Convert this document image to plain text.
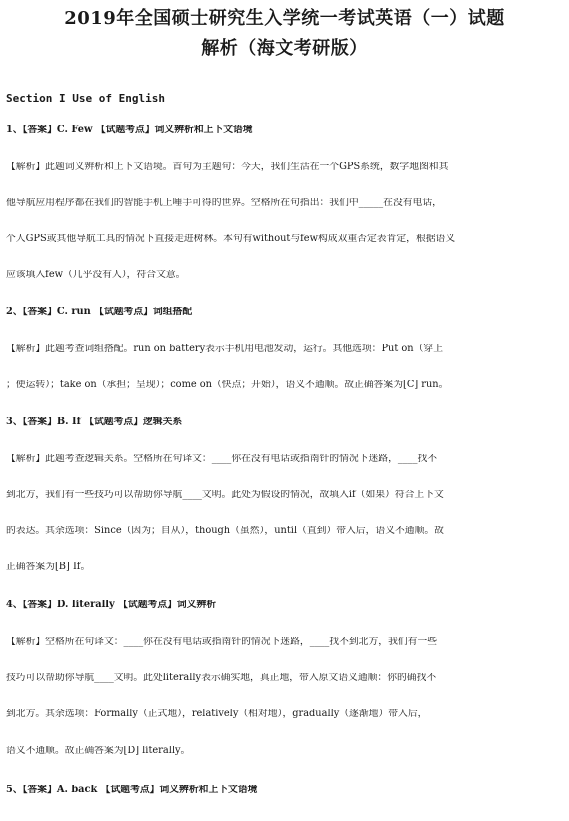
2019年全国硕士研究生入学统一考试英语（一）试题
解析（海文考研版）
Section I Use of English
1、【答案】C. Few 【试题考点】词义辨析和上下文语境
【解析】此题词义辨析和上下文语境。首句为主题句：今天，我们生活在一个GPS系统，数字地图和其
他导航应用程序都在我们的智能手机上唾手可得的世界。空格所在句指出：我们中_____在没有电话，
个人GPS或其他导航工具的情况下直接走进树林。本句有without与few构成双重否定表肯定，根据语义
应该填入few（几乎没有人），符合文意。
2、【答案】C. run 【试题考点】词组搭配
【解析】此题考查词组搭配。run on battery表示手机用电池发动，运行。其他选项：Put on（穿上
；使运转）；take on（承担；呈现）；come on（快点；开始），语义不通顺。故正确答案为[C] run。
3、【答案】B. If 【试题考点】逻辑关系
【解析】此题考查逻辑关系。空格所在句译文：____你在没有电话或指南针的情况下迷路，____找不
到北方，我们有一些技巧可以帮助你导航____文明。此处为假设的情况，故填入if（如果）符合上下文
的表达。其余选项：Since（因为；自从），though（虽然），until（直到）带入后，语义不通顺。故
正确答案为[B] If。
4、【答案】D. literally 【试题考点】词义辨析
【解析】空格所在句译文：____你在没有电话或指南针的情况下迷路，____找不到北方，我们有一些
技巧可以帮助你导航____文明。此处literally表示确实地，真正地，带入原文语义通顺：你的确找不
到北方。其余选项：Formally（正式地），relatively（相对地），gradually（逐渐地）带入后，
语义不通顺。故正确答案为[D] literally。
5、【答案】A. back 【试题考点】词义辨析和上下文语境
